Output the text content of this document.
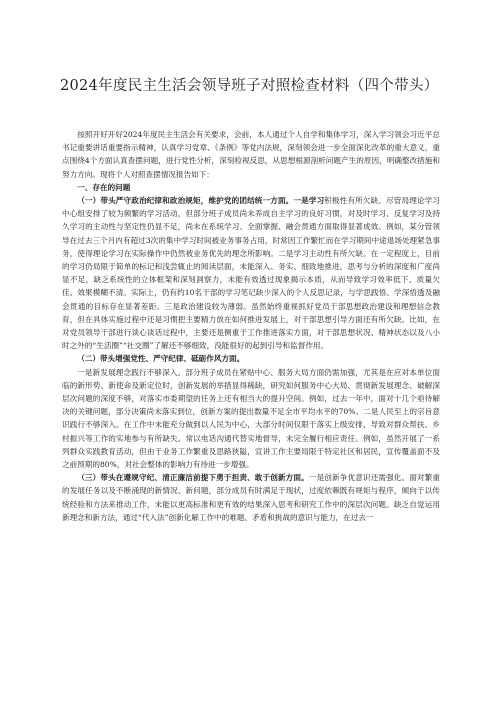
2024年度民主生活会领导班子对照检查材料（四个带头）

按照开好开好2024年度民主生活会有关要求，会前，本人通过个人自学和集体学习，深入学习领会习近平总书记重要讲话重要指示精神，认真学习党章、《条例》等党内法规，深刻领会进一步全面深化改革的重大意义，重点围绕4个方面认真查摆问题，进行党性分析，深刻检视反思，从思想根源剖析问题产生的原因，明确整改措施和努力方向。现将个人对照查摆情况报告如下：

一、存在的问题

（一）带头严守政治纪律和政治规矩，维护党的团结统一方面。一是学习积极性有所欠缺。尽管局理论学习中心组安排了较为频繁的学习活动，但部分班子成员尚未养成自主学习的良好习惯，对及时学习、反复学习及持久学习的主动性与坚定性仍显不足，尚未在系统学习、全面掌握、融会贯通方面取得显著成效。例如，某分管领导在过去三个月内有超过3次的集中学习时间被业务事务占用，时常因工作繁忙而在学习期间中途退场处理紧急事务，使得理论学习在实际操作中仍然被业务优先的理念所影响。二是学习主动性有所欠缺。在一定程度上，目前的学习仍局限于简单的标记和浅尝辄止的阅读层面，未能深入、务实、细致地推进，思考与分析的深度和广度尚显不足，缺乏系统性的立体框架和深刻洞察力，未能有效透过现象揭示本质，从而导致学习效率低下、质量欠佳、效果模糊不清。实际上，仍有约10名干部的学习笔记缺少深入的个人反思记录，与学思践悟、学深悟透及融会贯通的目标存在显著差距。三是政治建设较为薄弱。虽然始终重视抓好党员干部思想政治建设和理想信念教育，但在具体实施过程中还是习惯把主要精力放在如何推进发展上，对干部思想引导方面还有所欠缺。比如，在对党员领导干部进行谈心谈话过程中，主要还是侧重于工作推进落实方面，对干部思想状况、精神状态以及八小时之外的“生活圈”“社交圈”了解还不够细致，没能很好的起到引导和监督作用。

（二）带头增强党性、严守纪律、砥砺作风方面。

一是新发展理念践行不够深入。部分班子成员在紧贴中心、服务大局方面仍需加强，尤其是在应对本单位面临的新形势、新使命及新定位时，创新发展的举措显得稀缺，研究如何服务中心大局、贯彻新发展理念、破解深层次问题的深度不够，对落实市委期望的任务上还有相当大的提升空间。例如，过去一年中，面对十几个亟待解决的关键问题，部分决策尚未落实到位，创新方案的提出数量不足全市平均水平的70%。二是人民至上的宗旨意识践行不够深入。在工作中未能充分做到以人民为中心，大部分时间仅限于落实上级安排，导致对群众帮扶、乡村振兴等工作的实地参与有所缺失。常以电话沟通代替实地督导，未完全履行相应责任。例如，虽然开展了一系列群众实践教育活动，但由于业务工作繁重及思路狭隘，宣讲工作主要局限于特定社区和居民，宣传覆盖面不及之前预期的80%，对社会整体的影响力有待进一步增强。

（三）带头在遵规守纪、清正廉洁前提下勇于担责、敢于创新方面。一是创新争优意识还需强化。面对繁重的发展任务以及不断涌现的新情况、新问题，部分成员有时满足于现状，过度依赖既有规矩与程序，倾向于以传统经验和方法来推动工作，未能以更高标准和更有效的结果深入思考和研究工作中的深层次问题。缺乏自觉运用新理念和新方法，通过“代入法”创新化解工作中的难题、矛盾和挑战的意识与能力，在过去一
